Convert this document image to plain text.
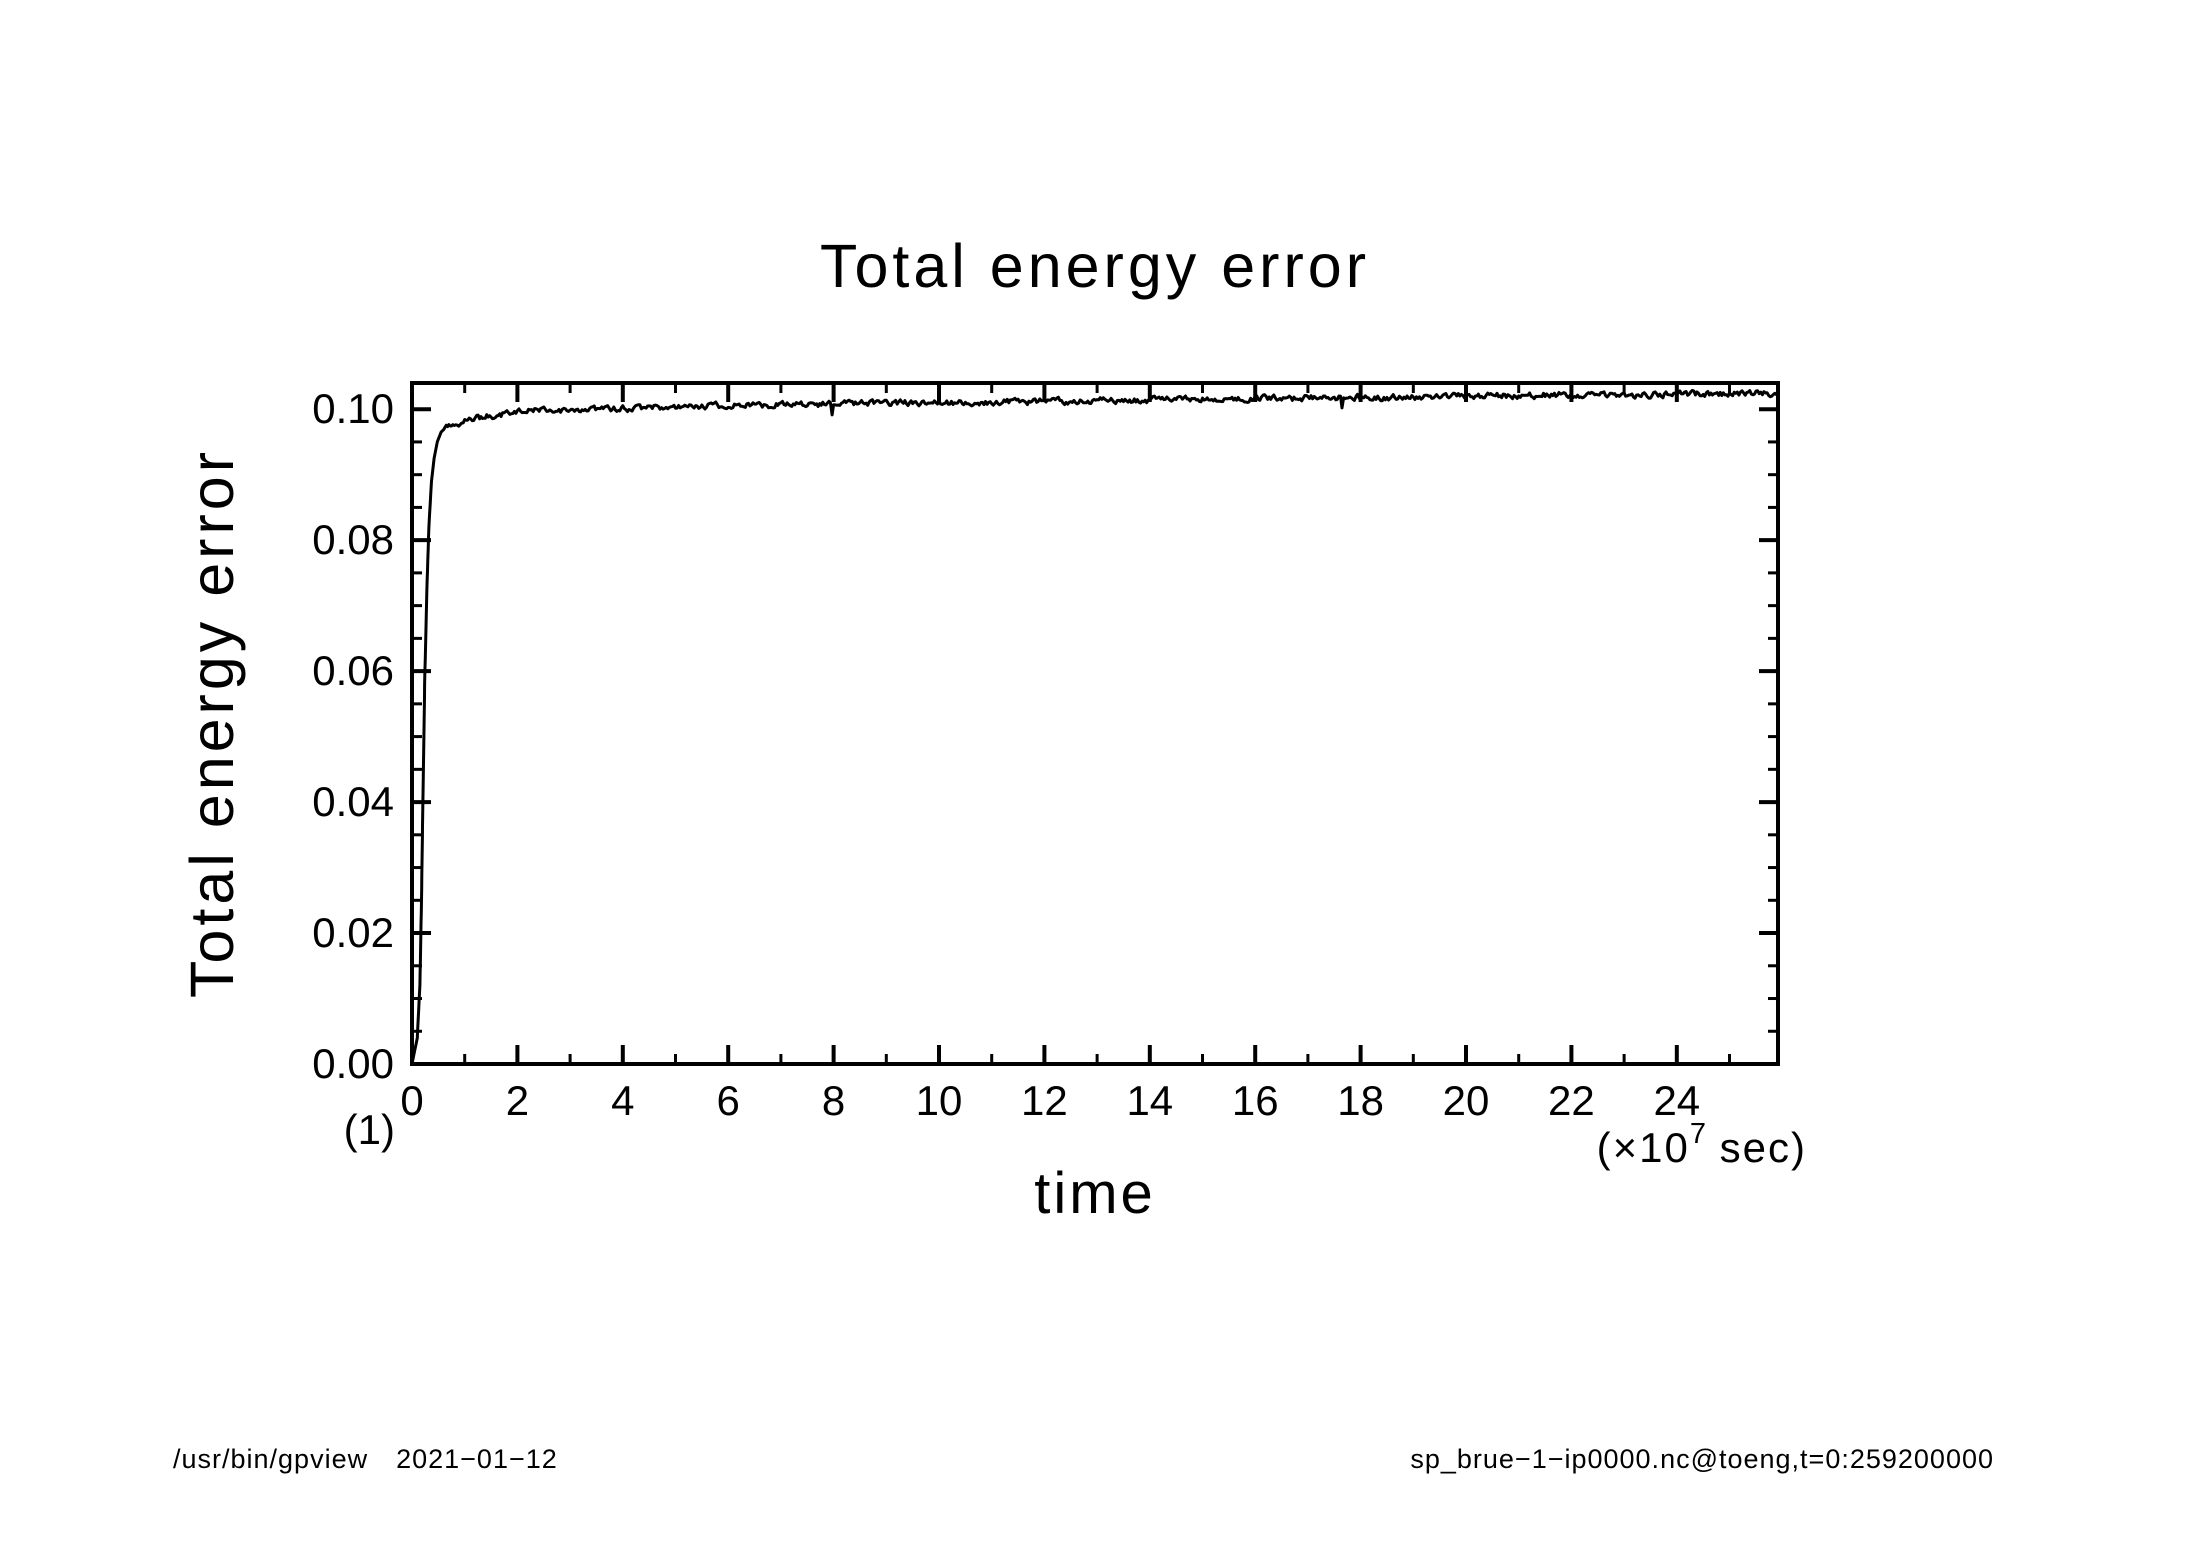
Total energy error
Total energy error
(1)
0 2 4 6 8 10 12 14 16 18 20 22 24
0.00
0.02
0.04
0.06
0.08
0.10
($\times 10^7$ sec)
time
/usr/bin/gpview 2021−01−12	sp_brue−1−ip0000.nc@toeng,t=0:259200000
